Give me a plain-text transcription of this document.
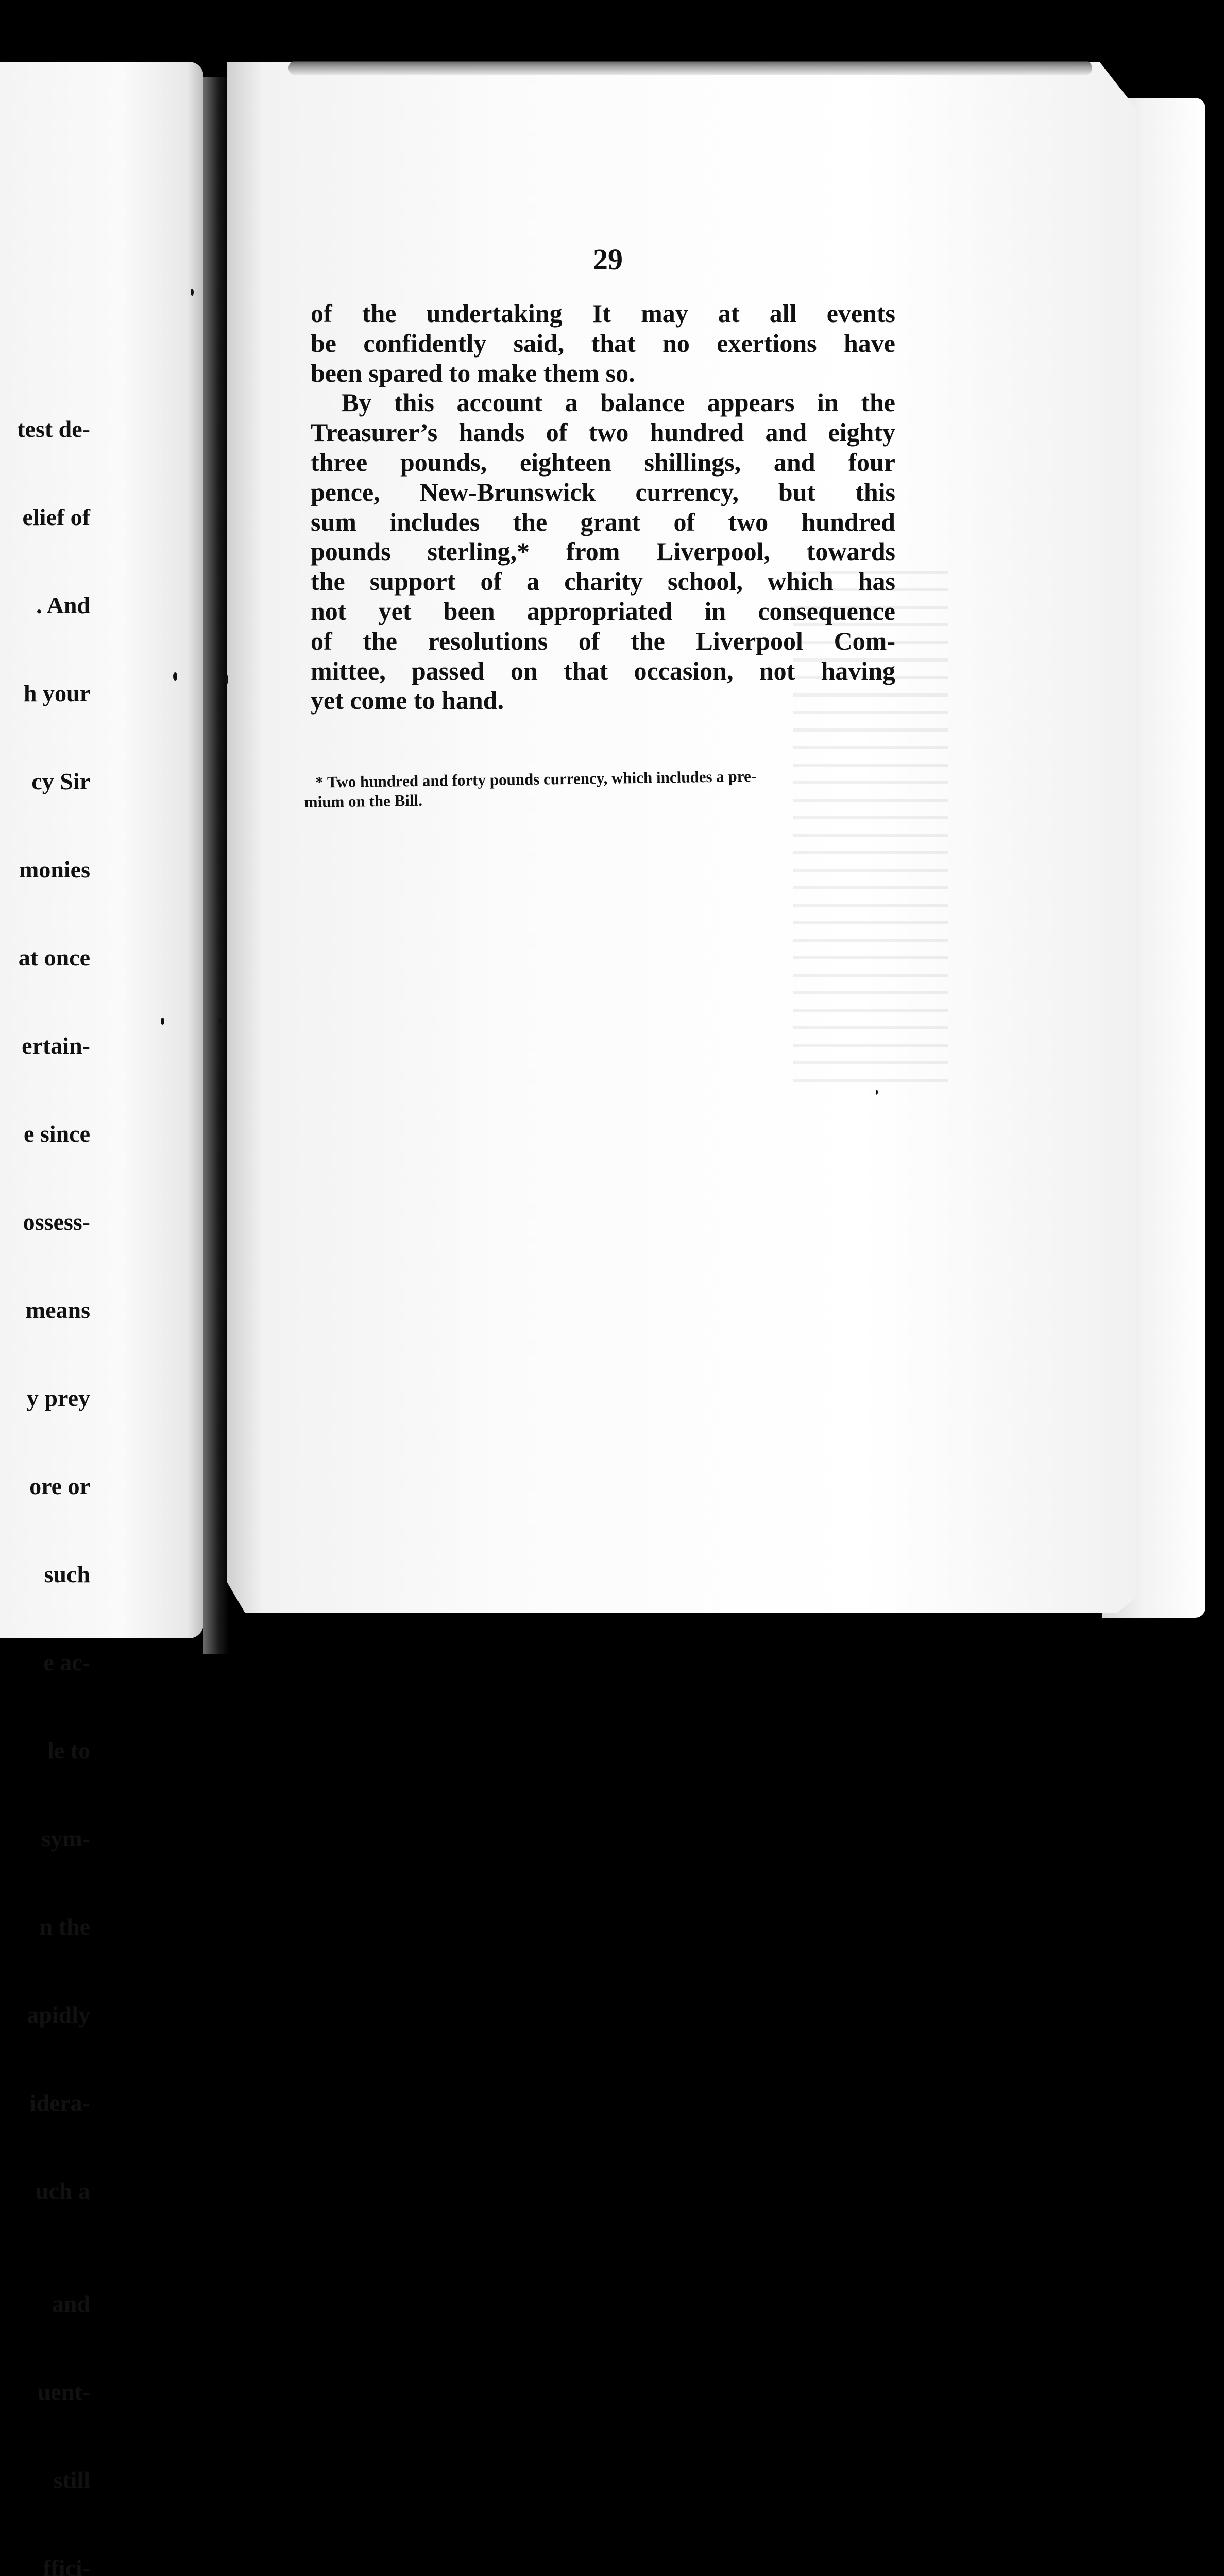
test de-

elief of

. And

h your

cy Sir

monies

at once

ertain-

e since

ossess-

means

y prey

ore or

such

e ac-

le to

sym-

n the

apidly

idera-

uch a

and

uent-

still

ffici-

29

of the undertaking It may at all events

be confidently said, that no exertions have

been spared to make them so.

By this account a balance appears in the

Treasurer’s hands of two hundred and eighty

three pounds, eighteen shillings, and four

pence, New-Brunswick currency, but this

sum includes the grant of two hundred

pounds sterling,* from Liverpool, towards

the support of a charity school, which has

not yet been appropriated in consequence

of the resolutions of the Liverpool Com-

mittee, passed on that occasion, not having

yet come to hand.

* Two hundred and forty pounds currency, which includes a pre-

mium on the Bill.
